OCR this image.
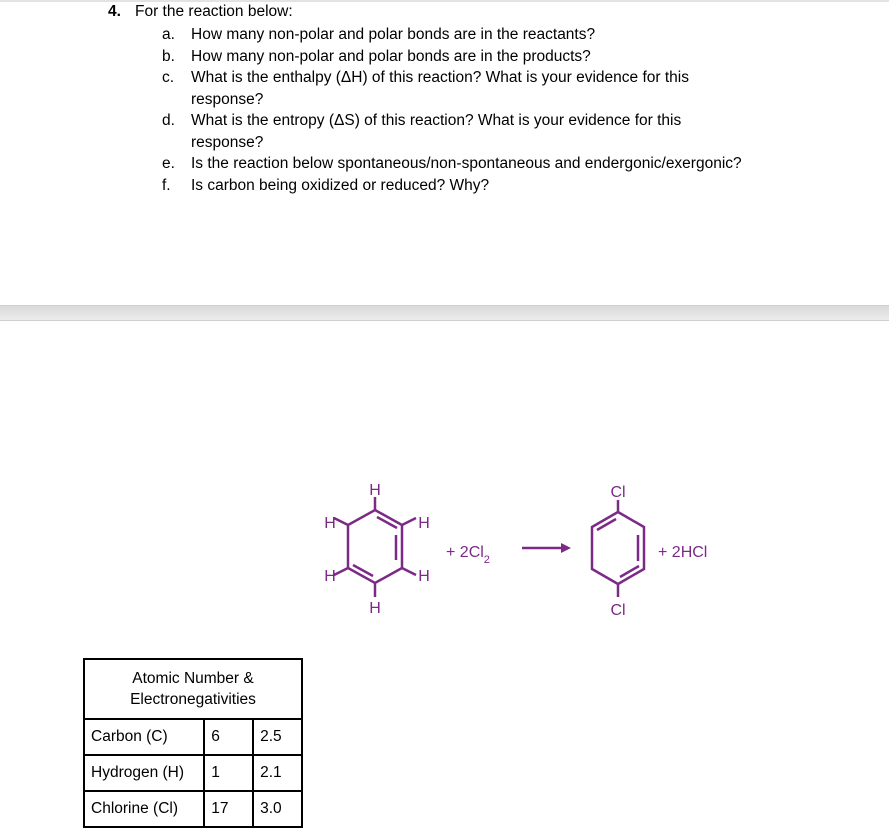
4. For the reaction below:
a. How many non-polar and polar bonds are in the reactants?
b. How many non-polar and polar bonds are in the products?
c. What is the enthalpy (ΔH) of this reaction? What is your evidence for this response?
d. What is the entropy (ΔS) of this reaction? What is your evidence for this response?
e. Is the reaction below spontaneous/non-spontaneous and endergonic/exergonic?
f. Is carbon being oxidized or reduced? Why?
H
H	H
H	H
H
+ $2Cl_2$
Cl
Cl
+ 2HCl
Atomic Number & Electronegativities		
Carbon (C)	6	2.5
Hydrogen (H)	1	2.1
Chlorine (Cl)	17	3.0
